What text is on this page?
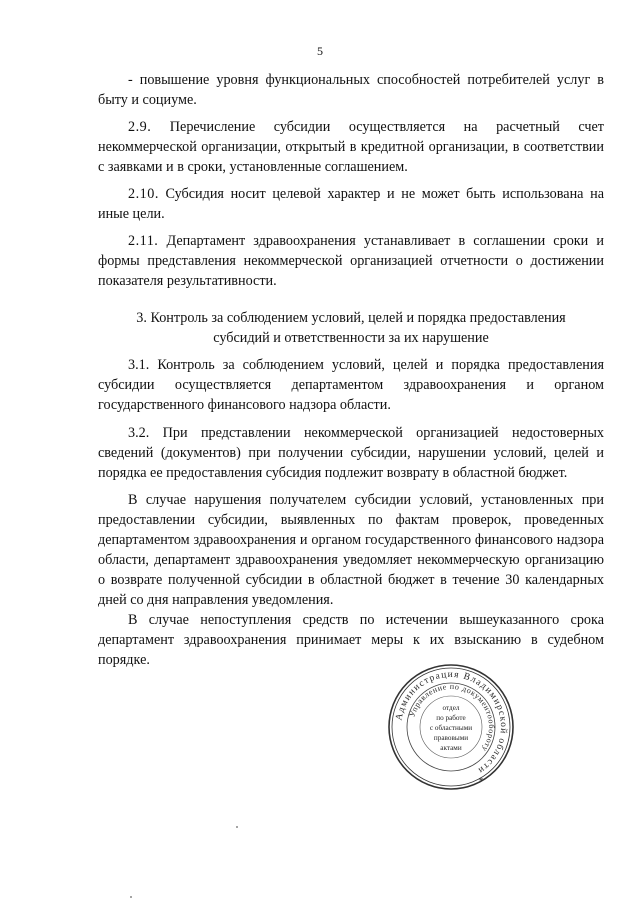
5

- повышение уровня функциональных способностей потребителей услуг в быту и социуме.

2.9. Перечисление субсидии осуществляется на расчетный счет некоммерческой организации, открытый в кредитной организации, в соответствии с заявками и в сроки, установленные соглашением.

2.10. Субсидия носит целевой характер и не может быть использована на иные цели.

2.11. Департамент здравоохранения устанавливает в соглашении сроки и формы представления некоммерческой организацией отчетности о достижении показателя результативности.

3. Контроль за соблюдением условий, целей и порядка предоставления
субсидий и ответственности за их нарушение

3.1. Контроль за соблюдением условий, целей и порядка предоставления субсидии осуществляется департаментом здравоохранения и органом государственного финансового надзора области.

3.2. При представлении некоммерческой организацией недостоверных сведений (документов) при получении субсидии, нарушении условий, целей и порядка ее предоставления субсидия подлежит возврату в областной бюджет.

В случае нарушения получателем субсидии условий, установленных при предоставлении субсидии, выявленных по фактам проверок, проведенных департаментом здравоохранения и органом государственного финансового надзора области, департамент здравоохранения уведомляет некоммерческую организацию о возврате полученной субсидии в областной бюджет в течение 30 календарных дней со дня направления уведомления.

В случае непоступления средств по истечении вышеуказанного срока департамент здравоохранения принимает меры к их взысканию в судебном порядке.

Администрация Владимирской области
Управление по документообороту
отдел
по работе
с областными
правовыми
актами
*
